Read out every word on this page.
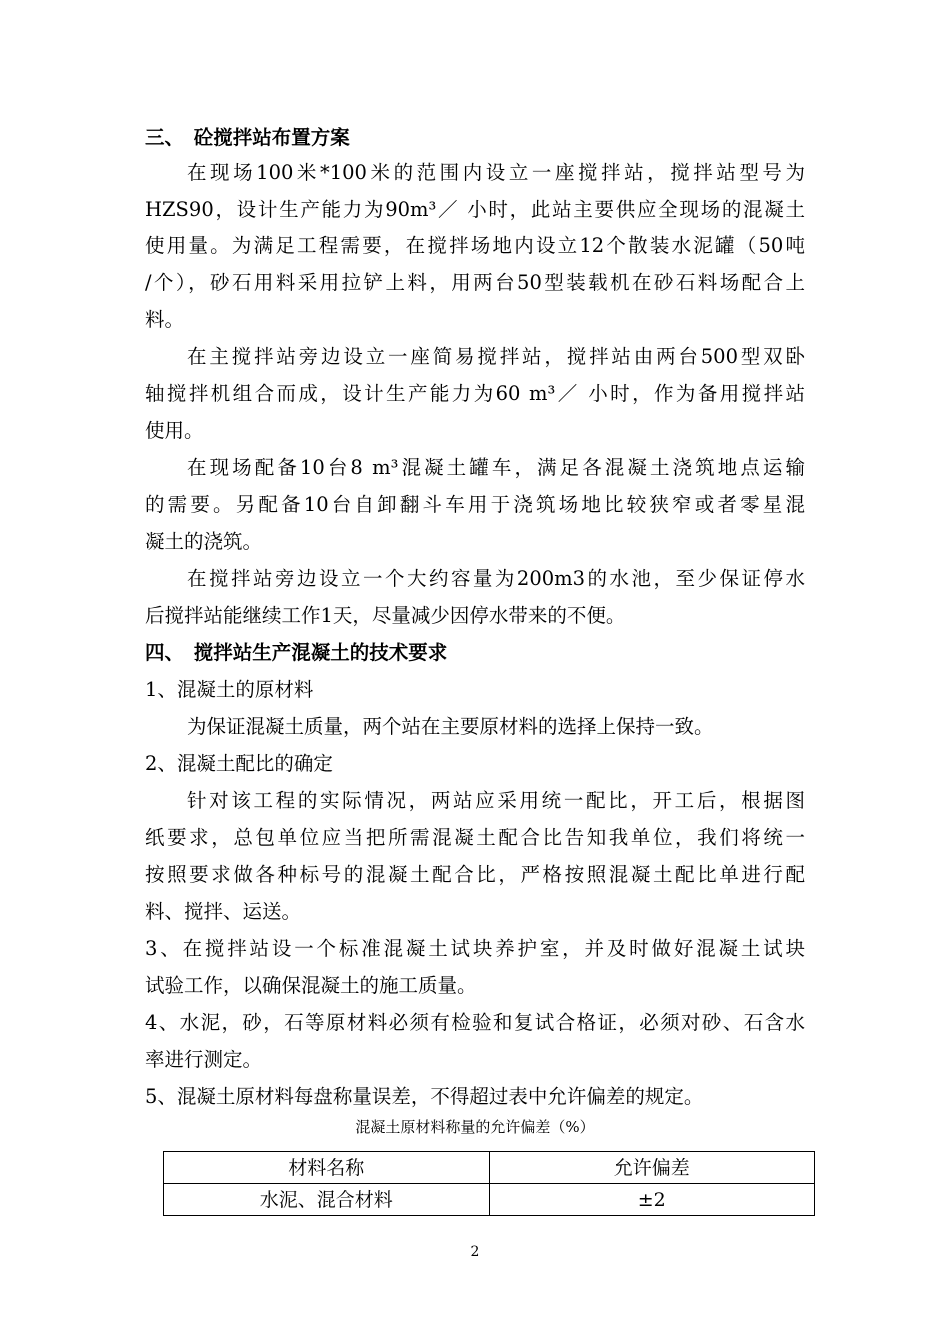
三、　砼搅拌站布置方案
在现场100米*100米的范围内设立一座搅拌站，搅拌站型号为
HZS90，设计生产能力为90m³／ 小时，此站主要供应全现场的混凝土
使用量。为满足工程需要，在搅拌场地内设立12个散装水泥罐（50吨
/个），砂石用料采用拉铲上料，用两台50型装载机在砂石料场配合上
料。
在主搅拌站旁边设立一座简易搅拌站，搅拌站由两台500型双卧
轴搅拌机组合而成，设计生产能力为60 m³／ 小时，作为备用搅拌站
使用。
在现场配备10台8 m³混凝土罐车，满足各混凝土浇筑地点运输
的需要。另配备10台自卸翻斗车用于浇筑场地比较狭窄或者零星混
凝土的浇筑。
在搅拌站旁边设立一个大约容量为200m3的水池，至少保证停水
后搅拌站能继续工作1天，尽量减少因停水带来的不便。
四、　搅拌站生产混凝土的技术要求
1、混凝土的原材料
为保证混凝土质量，两个站在主要原材料的选择上保持一致。
2、混凝土配比的确定
针对该工程的实际情况，两站应采用统一配比，开工后，根据图
纸要求，总包单位应当把所需混凝土配合比告知我单位，我们将统一
按照要求做各种标号的混凝土配合比，严格按照混凝土配比单进行配
料、搅拌、运送。
3、在搅拌站设一个标准混凝土试块养护室，并及时做好混凝土试块
试验工作，以确保混凝土的施工质量。
4、水泥，砂，石等原材料必须有检验和复试合格证，必须对砂、石含水
率进行测定。
5、混凝土原材料每盘称量误差，不得超过表中允许偏差的规定。
混凝土原材料称量的允许偏差（%）
材料名称	允许偏差
水泥、混合材料	±2
2
